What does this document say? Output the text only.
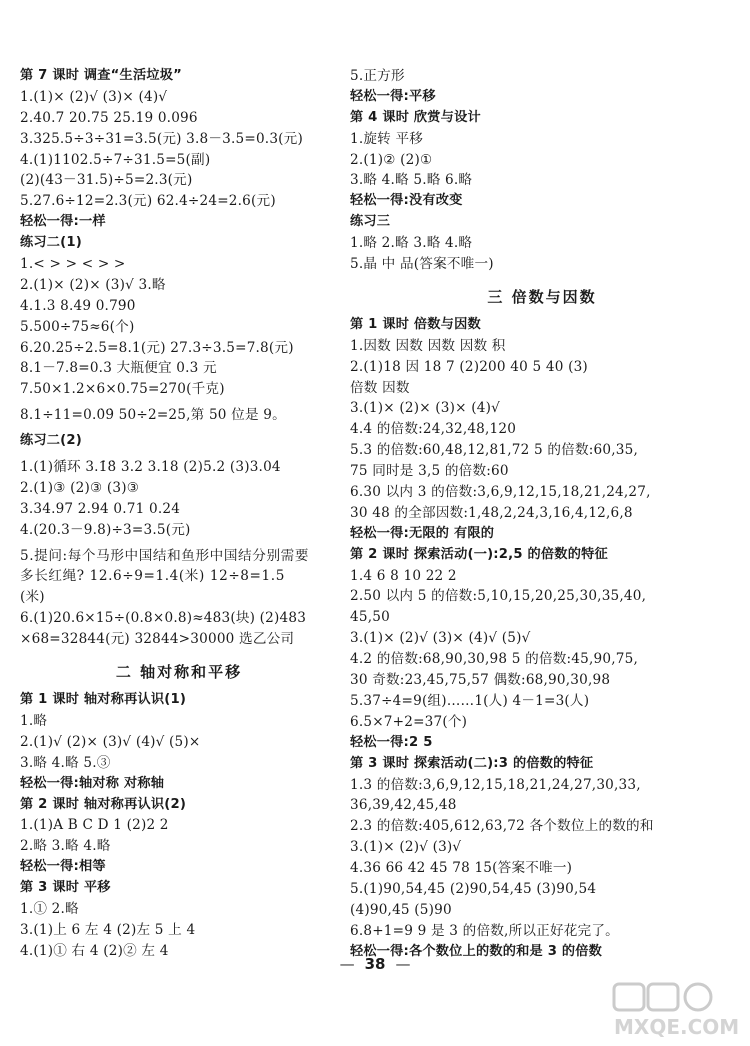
第 7 课时 调查“生活垃圾”
1.(1)× (2)√ (3)× (4)√
2.40.7 20.75 25.19 0.096
3.325.5÷3÷31=3.5(元) 3.8－3.5=0.3(元)
4.(1)1102.5÷7÷31.5=5(副)
(2)(43－31.5)÷5=2.3(元)
5.27.6÷12=2.3(元) 62.4÷24=2.6(元)
轻松一得:一样
练习二(1)
1.< > > < > >
2.(1)× (2)× (3)√ 3.略
4.1.3 8.49 0.79̇0̇
5.500÷75≈6(个)
6.20.25÷2.5=8.1(元) 27.3÷3.5=7.8(元)
8.1－7.8=0.3 大瓶便宜 0.3 元
7.50×1.2×6×0.75=270(千克)
8.1÷11=0.0̇9̇ 50÷2=25,第 50 位是 9。
练习二(2)
1.(1)循环 3.1̇8̇ 3.2 3.18 (2)5.2 (3)3.04
2.(1)③ (2)③ (3)③
3.34.97 2.94 0.71 0.24
4.(20.3－9.8)÷3=3.5(元)
5.提问:每个马形中国结和鱼形中国结分别需要
多长红绳? 12.6÷9=1.4(米) 12÷8=1.5
(米)
6.(1)20.6×15÷(0.8×0.8)≈483(块) (2)483
×68=32844(元) 32844>30000 选乙公司
二 轴对称和平移
第 1 课时 轴对称再认识(1)
1.略
2.(1)√ (2)× (3)√ (4)√ (5)×
3.略 4.略 5.③
轻松一得:轴对称 对称轴
第 2 课时 轴对称再认识(2)
1.(1)A B C D 1 (2)2 2
2.略 3.略 4.略
轻松一得:相等
第 3 课时 平移
1.① 2.略
3.(1)上 6 左 4 (2)左 5 上 4
4.(1)① 右 4 (2)② 左 4
5.正方形
轻松一得:平移
第 4 课时 欣赏与设计
1.旋转 平移
2.(1)② (2)①
3.略 4.略 5.略 6.略
轻松一得:没有改变
练习三
1.略 2.略 3.略 4.略
5.晶 中 品(答案不唯一)
三 倍数与因数
第 1 课时 倍数与因数
1.因数 因数 因数 因数 积
2.(1)18 因 18 7 (2)200 40 5 40 (3)
倍数 因数
3.(1)× (2)× (3)× (4)√
4.4 的倍数:24,32,48,120
5.3 的倍数:60,48,12,81,72 5 的倍数:60,35,
75 同时是 3,5 的倍数:60
6.30 以内 3 的倍数:3,6,9,12,15,18,21,24,27,
30 48 的全部因数:1,48,2,24,3,16,4,12,6,8
轻松一得:无限的 有限的
第 2 课时 探索活动(一):2,5 的倍数的特征
1.4 6 8 10 22 2
2.50 以内 5 的倍数:5,10,15,20,25,30,35,40,
45,50
3.(1)× (2)√ (3)× (4)√ (5)√
4.2 的倍数:68,90,30,98 5 的倍数:45,90,75,
30 奇数:23,45,75,57 偶数:68,90,30,98
5.37÷4=9(组)……1(人) 4－1=3(人)
6.5×7+2=37(个)
轻松一得:2 5
第 3 课时 探索活动(二):3 的倍数的特征
1.3 的倍数:3,6,9,12,15,18,21,24,27,30,33,
36,39,42,45,48
2.3 的倍数:405,612,63,72 各个数位上的数的和
3.(1)× (2)√ (3)√
4.36 66 42 45 78 15(答案不唯一)
5.(1)90,54,45 (2)90,54,45 (3)90,54
(4)90,45 (5)90
6.8+1=9 9 是 3 的倍数,所以正好花完了。
轻松一得:各个数位上的数的和是 3 的倍数
— 38 —
MXQE.COM
